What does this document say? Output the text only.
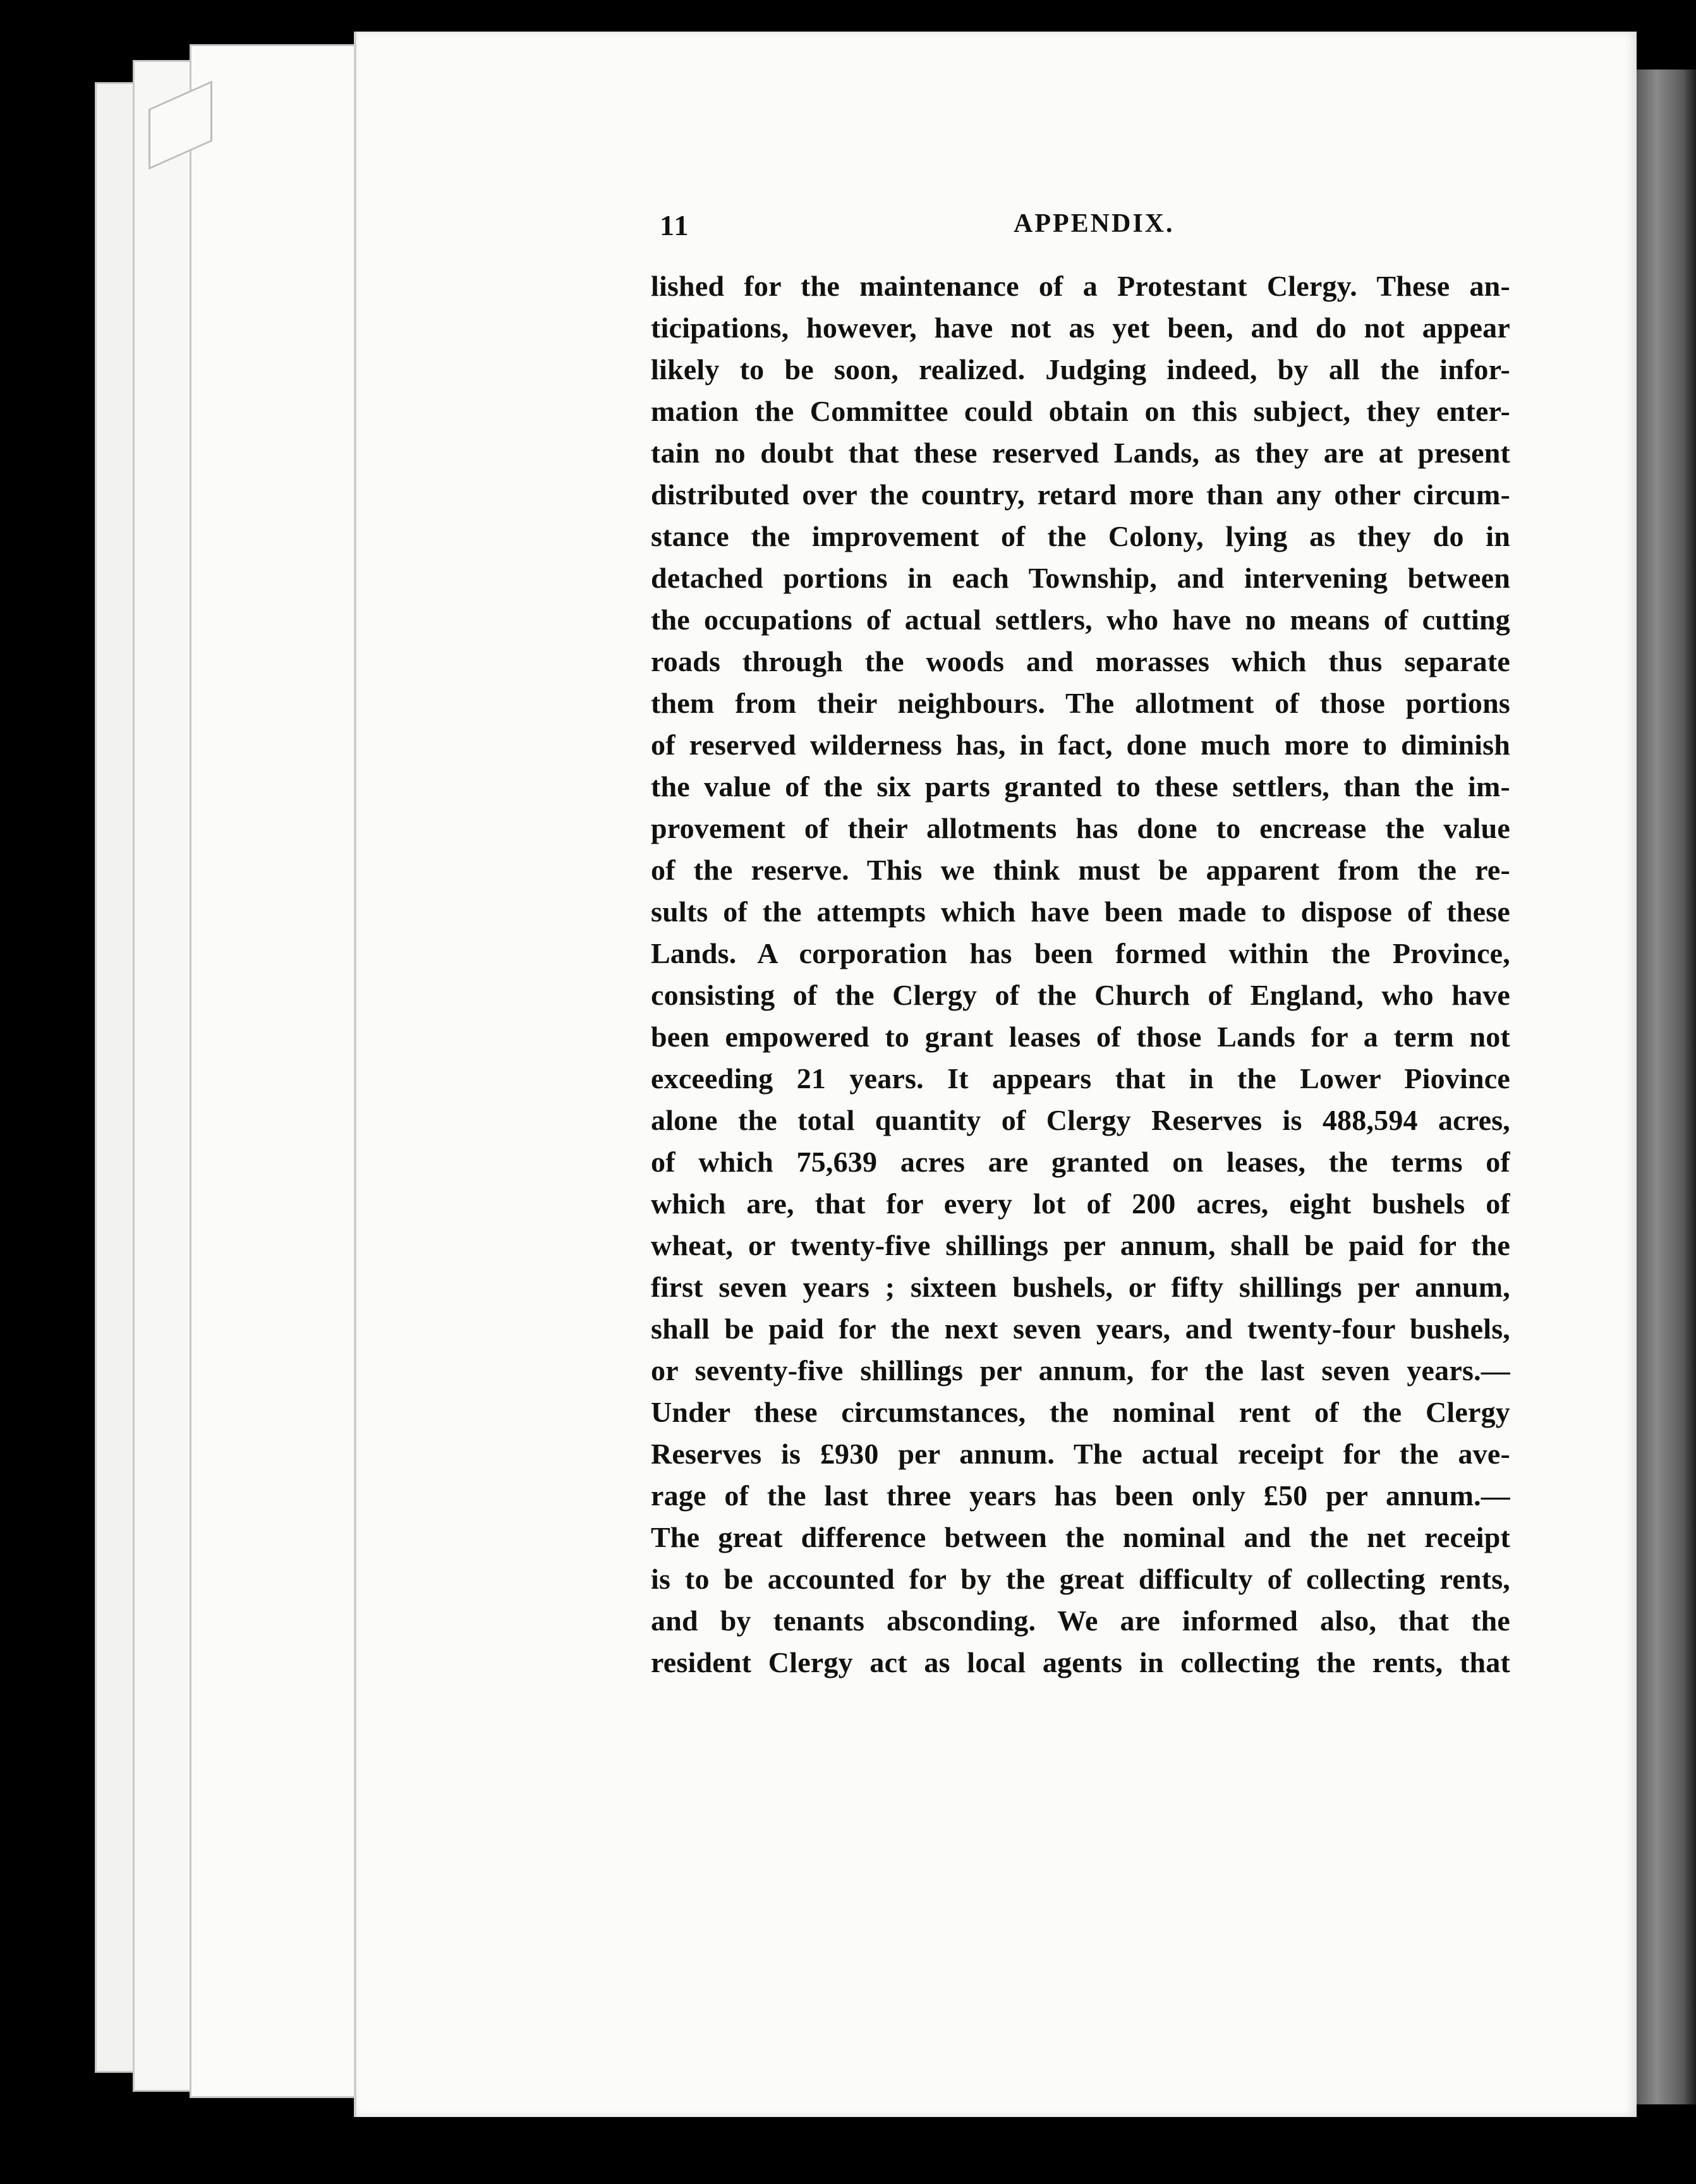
11	APPENDIX.
lished for the maintenance of a Protestant Clergy. These an-
ticipations, however, have not as yet been, and do not appear
likely to be soon, realized. Judging indeed, by all the infor-
mation the Committee could obtain on this subject, they enter-
tain no doubt that these reserved Lands, as they are at present
distributed over the country, retard more than any other circum-
stance the improvement of the Colony, lying as they do in
detached portions in each Township, and intervening between
the occupations of actual settlers, who have no means of cutting
roads through the woods and morasses which thus separate
them from their neighbours. The allotment of those portions
of reserved wilderness has, in fact, done much more to diminish
the value of the six parts granted to these settlers, than the im-
provement of their allotments has done to encrease the value
of the reserve. This we think must be apparent from the re-
sults of the attempts which have been made to dispose of these
Lands. A corporation has been formed within the Province,
consisting of the Clergy of the Church of England, who have
been empowered to grant leases of those Lands for a term not
exceeding 21 years. It appears that in the Lower Piovince
alone the total quantity of Clergy Reserves is 488,594 acres,
of which 75,639 acres are granted on leases, the terms of
which are, that for every lot of 200 acres, eight bushels of
wheat, or twenty-five shillings per annum, shall be paid for the
first seven years ; sixteen bushels, or fifty shillings per annum,
shall be paid for the next seven years, and twenty-four bushels,
or seventy-five shillings per annum, for the last seven years.—
Under these circumstances, the nominal rent of the Clergy
Reserves is £930 per annum. The actual receipt for the ave-
rage of the last three years has been only £50 per annum.—
The great difference between the nominal and the net receipt
is to be accounted for by the great difficulty of collecting rents,
and by tenants absconding. We are informed also, that the
resident Clergy act as local agents in collecting the rents, that
